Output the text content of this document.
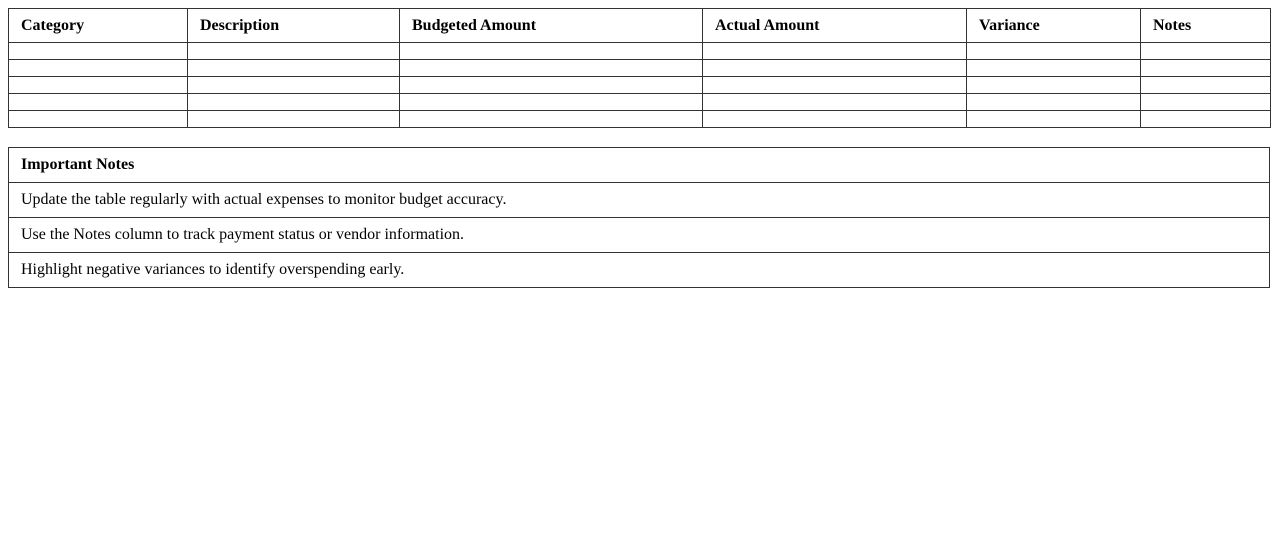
Category	Description	Budgeted Amount	Actual Amount	Variance	Notes

Important Notes
Update the table regularly with actual expenses to monitor budget accuracy.
Use the Notes column to track payment status or vendor information.
Highlight negative variances to identify overspending early.
